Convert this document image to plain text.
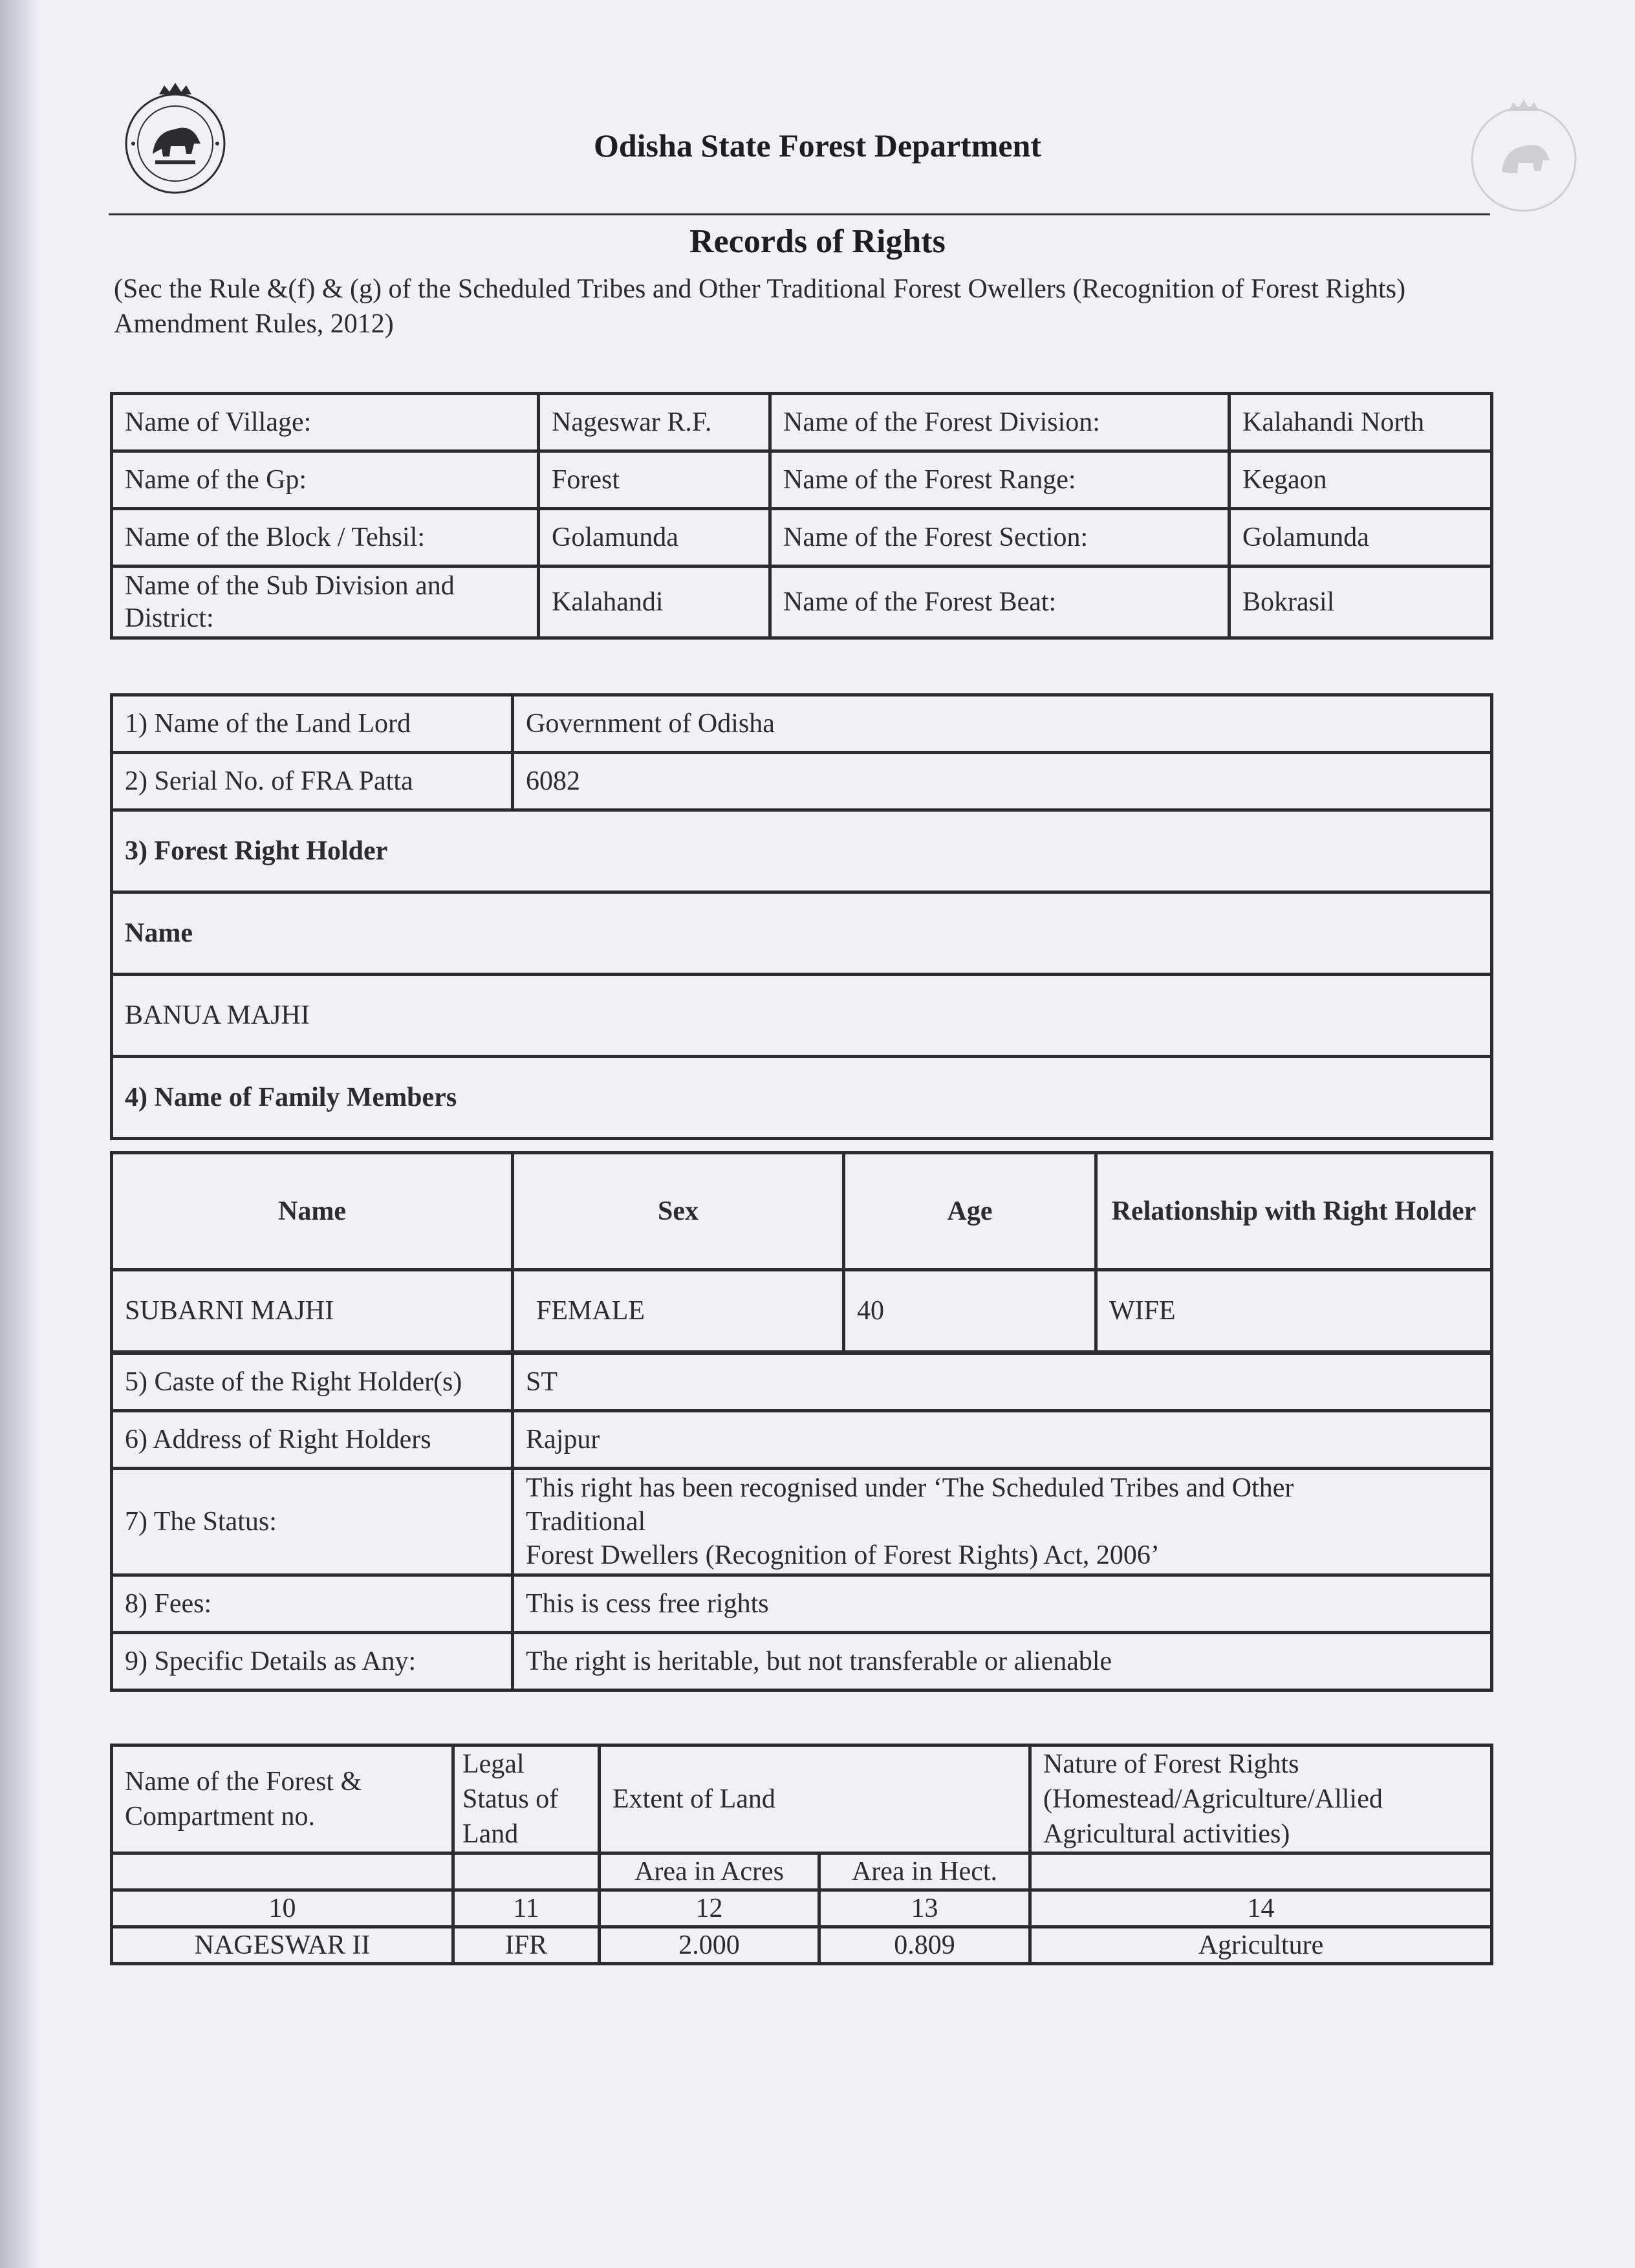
Odisha State Forest Department
Records of Rights
(Sec the Rule &(f) & (g) of the Scheduled Tribes and Other Traditional Forest Owellers (Recognition of Forest Rights) Amendment Rules, 2012)
Name of Village:	Nageswar R.F.	Name of the Forest Division:	Kalahandi North
Name of the Gp:	Forest	Name of the Forest Range:	Kegaon
Name of the Block / Tehsil:	Golamunda	Name of the Forest Section:	Golamunda
Name of the Sub Division and District:	Kalahandi	Name of the Forest Beat:	Bokrasil
1) Name of the Land Lord	Government of Odisha
2) Serial No. of FRA Patta	6082
3) Forest Right Holder	
Name	
BANUA MAJHI	
4) Name of Family Members	
Name	Sex	Age	Relationship with Right Holder
SUBARNI MAJHI	FEMALE	40	WIFE
5) Caste of the Right Holder(s)	ST
6) Address of Right Holders	Rajpur
7) The Status:	This right has been recognised under ‘The Scheduled Tribes and Other
Traditional
Forest Dwellers (Recognition of Forest Rights) Act, 2006’

8) Fees:	This is cess free rights
9) Specific Details as Any:	The right is heritable, but not transferable or alienable
Name of the Forest & Compartment no.	Legal Status of Land	Extent of Land		Nature of Forest Rights (Homestead/Agriculture/Allied Agricultural activities)
		Area in Acres	Area in Hect.	
10	11	12	13	14
NAGESWAR II	IFR	2.000	0.809	Agriculture
